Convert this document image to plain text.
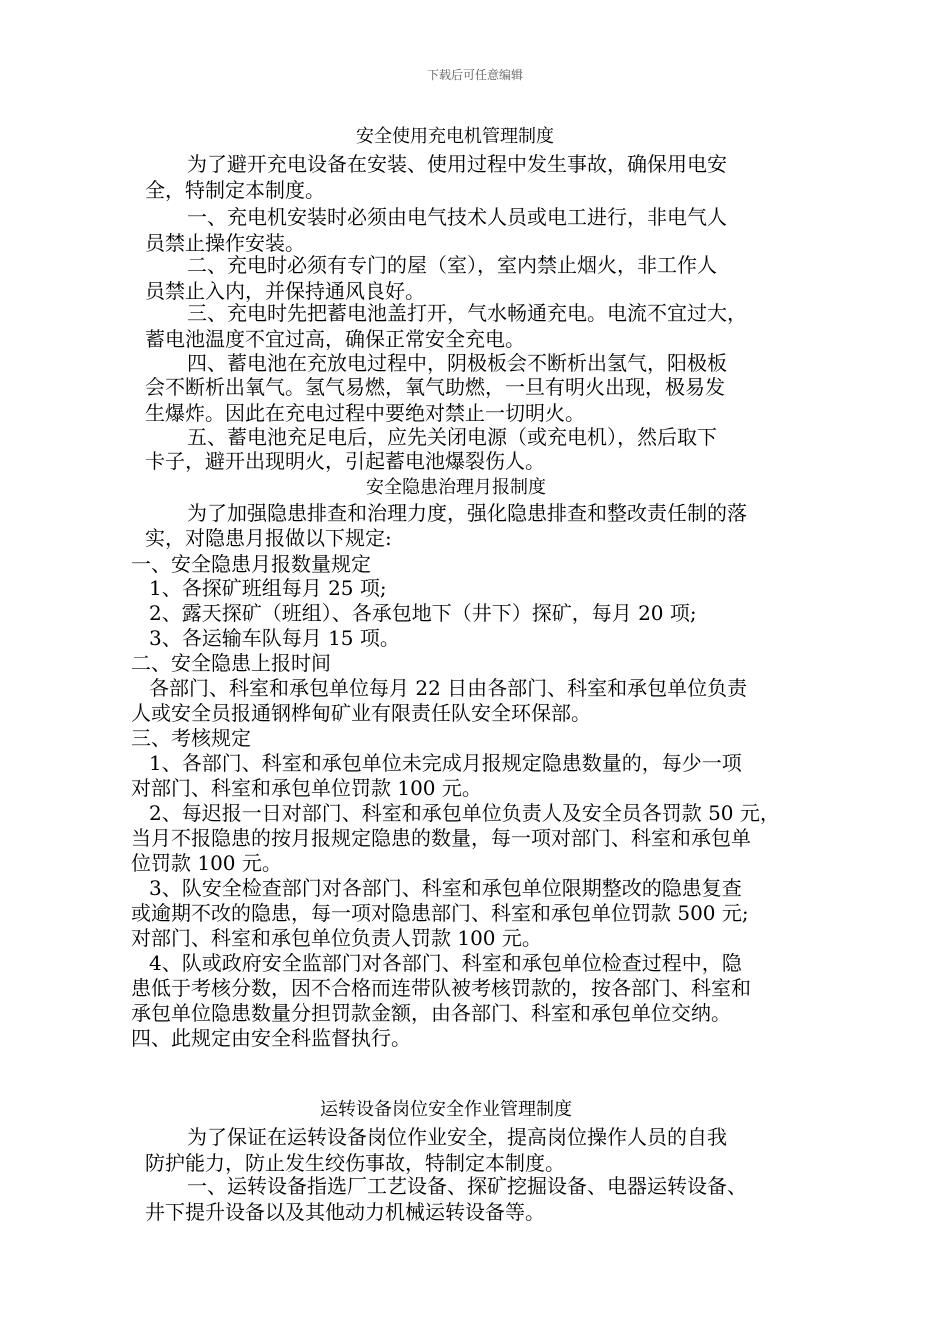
下载后可任意编辑
安全使用充电机管理制度
为了避开充电设备在安装、使用过程中发生事故，确保用电安
全，特制定本制度。
一、充电机安装时必须由电气技术人员或电工进行，非电气人
员禁止操作安装。
二、充电时必须有专门的屋（室），室内禁止烟火，非工作人
员禁止入内，并保持通风良好。
三、充电时先把蓄电池盖打开，气水畅通充电。电流不宜过大，
蓄电池温度不宜过高，确保正常安全充电。
四、蓄电池在充放电过程中，阴极板会不断析出氢气，阳极板
会不断析出氧气。氢气易燃，氧气助燃，一旦有明火出现，极易发
生爆炸。因此在充电过程中要绝对禁止一切明火。
五、蓄电池充足电后，应先关闭电源（或充电机），然后取下
卡子，避开出现明火，引起蓄电池爆裂伤人。
安全隐患治理月报制度
为了加强隐患排查和治理力度，强化隐患排查和整改责任制的落
实，对隐患月报做以下规定:
一、安全隐患月报数量规定
1、各探矿班组每月 25 项;
2、露天探矿（班组）、各承包地下（井下）探矿，每月 20 项;
3、各运输车队每月 15 项。
二、安全隐患上报时间
各部门、科室和承包单位每月 22 日由各部门、科室和承包单位负责
人或安全员报通钢桦甸矿业有限责任队安全环保部。
三、考核规定
1、各部门、科室和承包单位未完成月报规定隐患数量的，每少一项
对部门、科室和承包单位罚款 100 元。
2、每迟报一日对部门、科室和承包单位负责人及安全员各罚款 50 元，
当月不报隐患的按月报规定隐患的数量，每一项对部门、科室和承包单
位罚款 100 元。
3、队安全检查部门对各部门、科室和承包单位限期整改的隐患复查
或逾期不改的隐患，每一项对隐患部门、科室和承包单位罚款 500 元;
对部门、科室和承包单位负责人罚款 100 元。
4、队或政府安全监部门对各部门、科室和承包单位检查过程中，隐
患低于考核分数，因不合格而连带队被考核罚款的，按各部门、科室和
承包单位隐患数量分担罚款金额，由各部门、科室和承包单位交纳。
四、此规定由安全科监督执行。
运转设备岗位安全作业管理制度
为了保证在运转设备岗位作业安全，提高岗位操作人员的自我
防护能力，防止发生绞伤事故，特制定本制度。
一、运转设备指选厂工艺设备、探矿挖掘设备、电器运转设备、
井下提升设备以及其他动力机械运转设备等。
